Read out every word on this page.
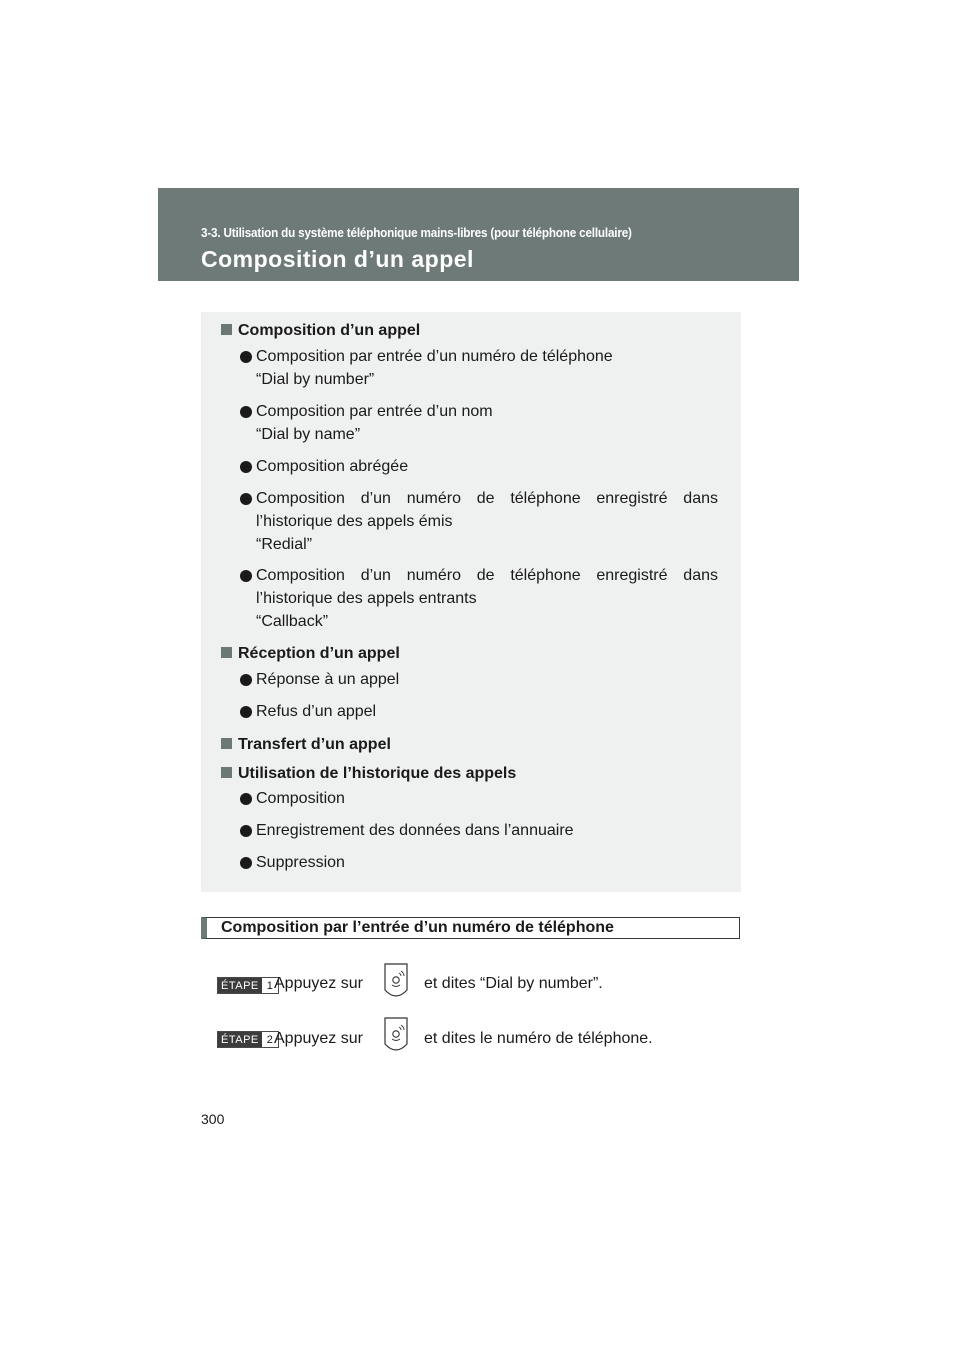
3-3. Utilisation du système téléphonique mains-libres (pour téléphone cellulaire)
Composition d’un appel
Composition d’un appel
Composition par entrée d’un numéro de téléphone
“Dial by number”
Composition par entrée d’un nom
“Dial by name”
Composition abrégée
Composition d’un numéro de téléphone enregistré dans
l’historique des appels émis
“Redial”
Composition d’un numéro de téléphone enregistré dans
l’historique des appels entrants
“Callback”
Réception d’un appel
Réponse à un appel
Refus d’un appel
Transfert d’un appel
Utilisation de l’historique des appels
Composition
Enregistrement des données dans l’annuaire
Suppression
Composition par l’entrée d’un numéro de téléphone
ÉTAPE 1 Appuyez sur	et dites “Dial by number”.
ÉTAPE 2 Appuyez sur	et dites le numéro de téléphone.
300
